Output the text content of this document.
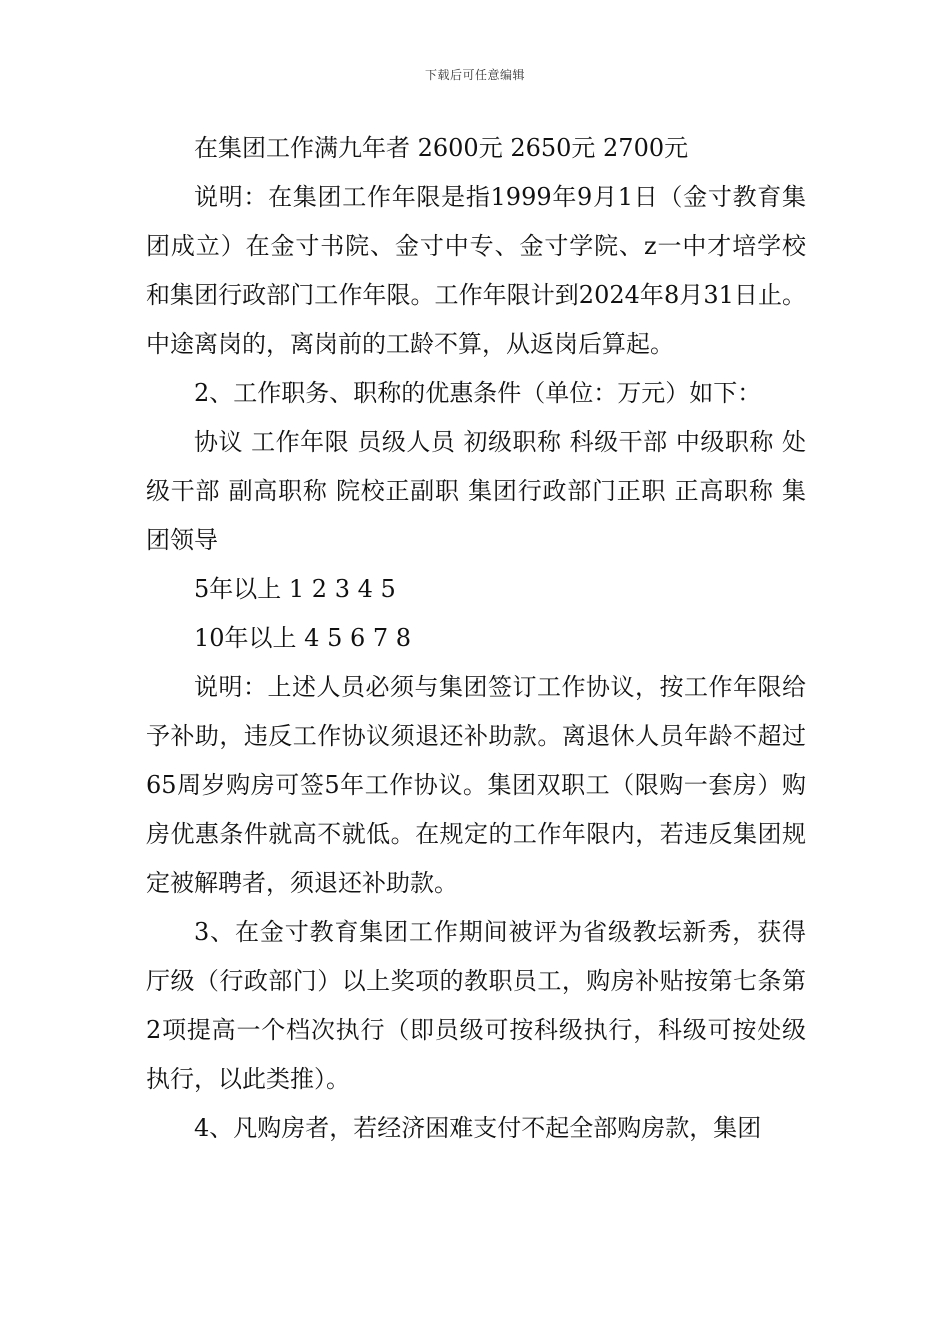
下载后可任意编辑

在集团工作满九年者 2600元 2650元 2700元

说明：在集团工作年限是指1999年9月1日（金寸教育集团成立）在金寸书院、金寸中专、金寸学院、z一中才培学校和集团行政部门工作年限。工作年限计到2024年8月31日止。中途离岗的，离岗前的工龄不算，从返岗后算起。

2、工作职务、职称的优惠条件（单位：万元）如下：

协议 工作年限 员级人员 初级职称 科级干部 中级职称 处级干部 副高职称 院校正副职 集团行政部门正职 正高职称 集团领导

5年以上 1 2 3 4 5

10年以上 4 5 6 7 8

说明：上述人员必须与集团签订工作协议，按工作年限给予补助，违反工作协议须退还补助款。离退休人员年龄不超过65周岁购房可签5年工作协议。集团双职工（限购一套房）购房优惠条件就高不就低。在规定的工作年限内，若违反集团规定被解聘者，须退还补助款。

3、在金寸教育集团工作期间被评为省级教坛新秀，获得厅级（行政部门）以上奖项的教职员工，购房补贴按第七条第2项提高一个档次执行（即员级可按科级执行，科级可按处级执行，以此类推）。

4、凡购房者，若经济困难支付不起全部购房款，集团
